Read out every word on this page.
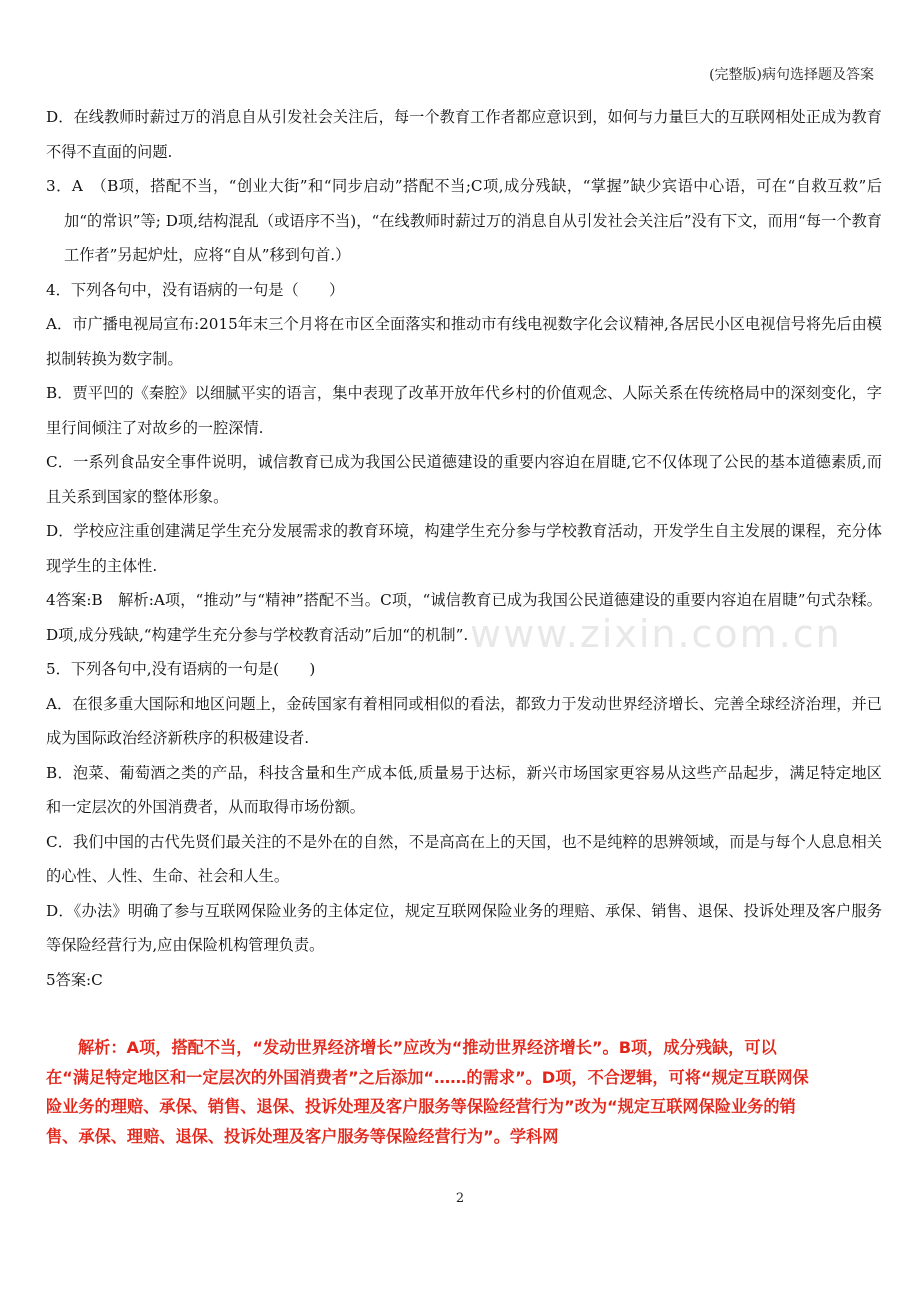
(完整版)病句选择题及答案

D．在线教师时薪过万的消息自从引发社会关注后，每一个教育工作者都应意识到，如何与力量巨大的互联网相处正成为教育不得不直面的问题.

3．A　（B项，搭配不当，“创业大街”和“同步启动”搭配不当;C项,成分残缺，“掌握”缺少宾语中心语，可在“自救互救”后加“的常识”等; D项,结构混乱（或语序不当)，“在线教师时薪过万的消息自从引发社会关注后”没有下文，而用“每一个教育工作者”另起炉灶，应将“自从”移到句首.）

4．下列各句中，没有语病的一句是（　　）

A．市广播电视局宣布:2015年末三个月将在市区全面落实和推动市有线电视数字化会议精神,各居民小区电视信号将先后由模拟制转换为数字制。

B．贾平凹的《秦腔》以细腻平实的语言，集中表现了改革开放年代乡村的价值观念、人际关系在传统格局中的深刻变化，字里行间倾注了对故乡的一腔深情.

C．一系列食品安全事件说明，诚信教育已成为我国公民道德建设的重要内容迫在眉睫,它不仅体现了公民的基本道德素质,而且关系到国家的整体形象。

D．学校应注重创建满足学生充分发展需求的教育环境，构建学生充分参与学校教育活动，开发学生自主发展的课程，充分体现学生的主体性.

4答案:B　解析:A项，“推动”与“精神”搭配不当。C项，“诚信教育已成为我国公民道德建设的重要内容迫在眉睫”句式杂糅。D项,成分残缺,“构建学生充分参与学校教育活动”后加“的机制”.

5．下列各句中,没有语病的一句是(　　)

A．在很多重大国际和地区问题上，金砖国家有着相同或相似的看法，都致力于发动世界经济增长、完善全球经济治理，并已成为国际政治经济新秩序的积极建设者.

B．泡菜、葡萄酒之类的产品，科技含量和生产成本低,质量易于达标，新兴市场国家更容易从这些产品起步，满足特定地区和一定层次的外国消费者，从而取得市场份额。

C．我们中国的古代先贤们最关注的不是外在的自然，不是高高在上的天国，也不是纯粹的思辨领域，而是与每个人息息相关的心性、人性、生命、社会和人生。

D．《办法》明确了参与互联网保险业务的主体定位，规定互联网保险业务的理赔、承保、销售、退保、投诉处理及客户服务等保险经营行为,应由保险机构管理负责。

5答案:C

www.zixin.com.cn
解析：A项，搭配不当，“发动世界经济增长”应改为“推动世界经济增长”。B项，成分残缺，可以在“满足特定地区和一定层次的外国消费者”之后添加“……的需求”。D项，不合逻辑，可将“规定互联网保险业务的理赔、承保、销售、退保、投诉处理及客户服务等保险经营行为”改为“规定互联网保险业务的销售、承保、理赔、退保、投诉处理及客户服务等保险经营行为”。学科网
2
